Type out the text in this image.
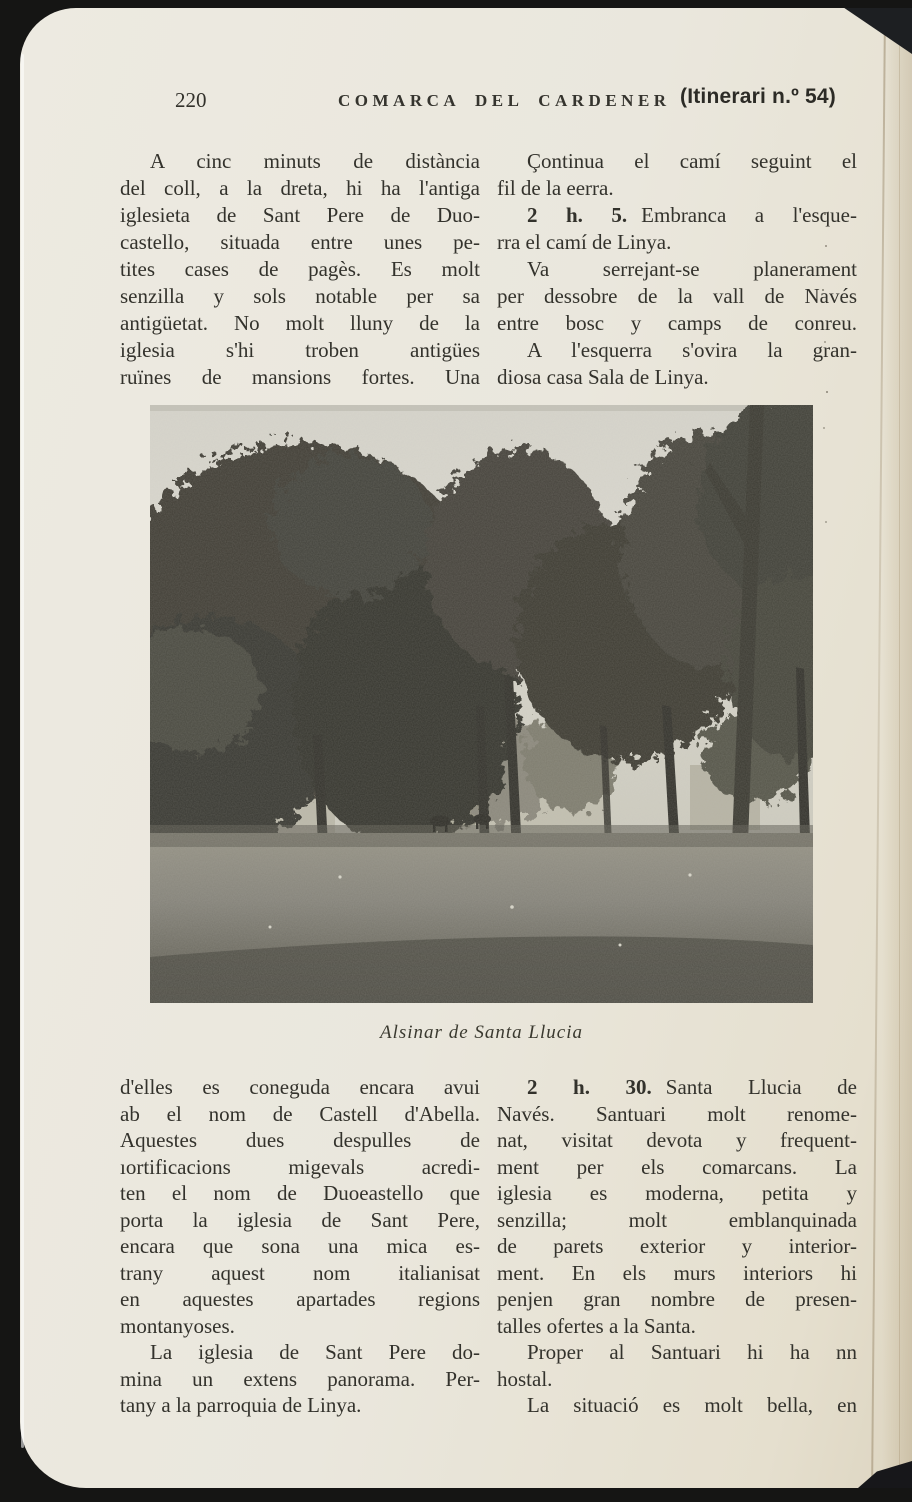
220	COMARCA DEL CARDENER (Itinerari n.º 54)
A cinc minuts de distància
del coll, a la dreta, hi ha l'antiga
iglesieta de Sant Pere de Duo-
castello, situada entre unes pe-
tites cases de pagès. Es molt
senzilla y sols notable per sa
antigüetat. No molt lluny de la
iglesia s'hi troben antigües
ruïnes de mansions fortes. Una
Çontinua el camí seguint el
fil de la eerra.
2 h. 5. Embranca a l'esque-
rra el camí de Linya.
Va serrejant-se planerament
per dessobre de la vall de Navés
entre bosc y camps de conreu.
A l'esquerra s'ovira la gran-
diosa casa Sala de Linya.
Alsinar de Santa Llucia
d'elles es coneguda encara avui
ab el nom de Castell d'Abella.
Aquestes dues despulles de
ıortificacions migevals acredi-
ten el nom de Duoeastello que
porta la iglesia de Sant Pere,
encara que sona una mica es-
trany aquest nom italianisat
en aquestes apartades regions
montanyoses.
La iglesia de Sant Pere do-
mina un extens panorama. Per-
tany a la parroquia de Linya.
2 h. 30. Santa Llucia de
Navés. Santuari molt renome-
nat, visitat devota y frequent-
ment per els comarcans. La
iglesia es moderna, petita y
senzilla; molt emblanquinada
de parets exterior y interior-
ment. En els murs interiors hi
penjen gran nombre de presen-
talles ofertes a la Santa.
Proper al Santuari hi ha nn
hostal.
La situació es molt bella, en
